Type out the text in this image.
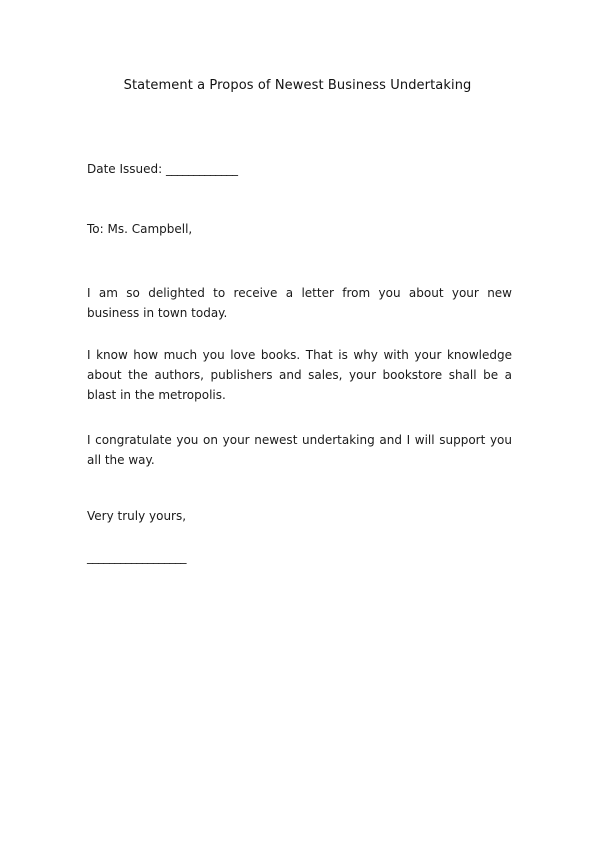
Statement a Propos of Newest Business Undertaking
Date Issued: _____________
To: Ms. Campbell,
I am so delighted to receive a letter from you about your new business in town today.
I know how much you love books. That is why with your knowledge about the authors, publishers and sales, your bookstore shall be a blast in the metropolis.
I congratulate you on your newest undertaking and I will support you all the way.
Very truly yours,
__________________
